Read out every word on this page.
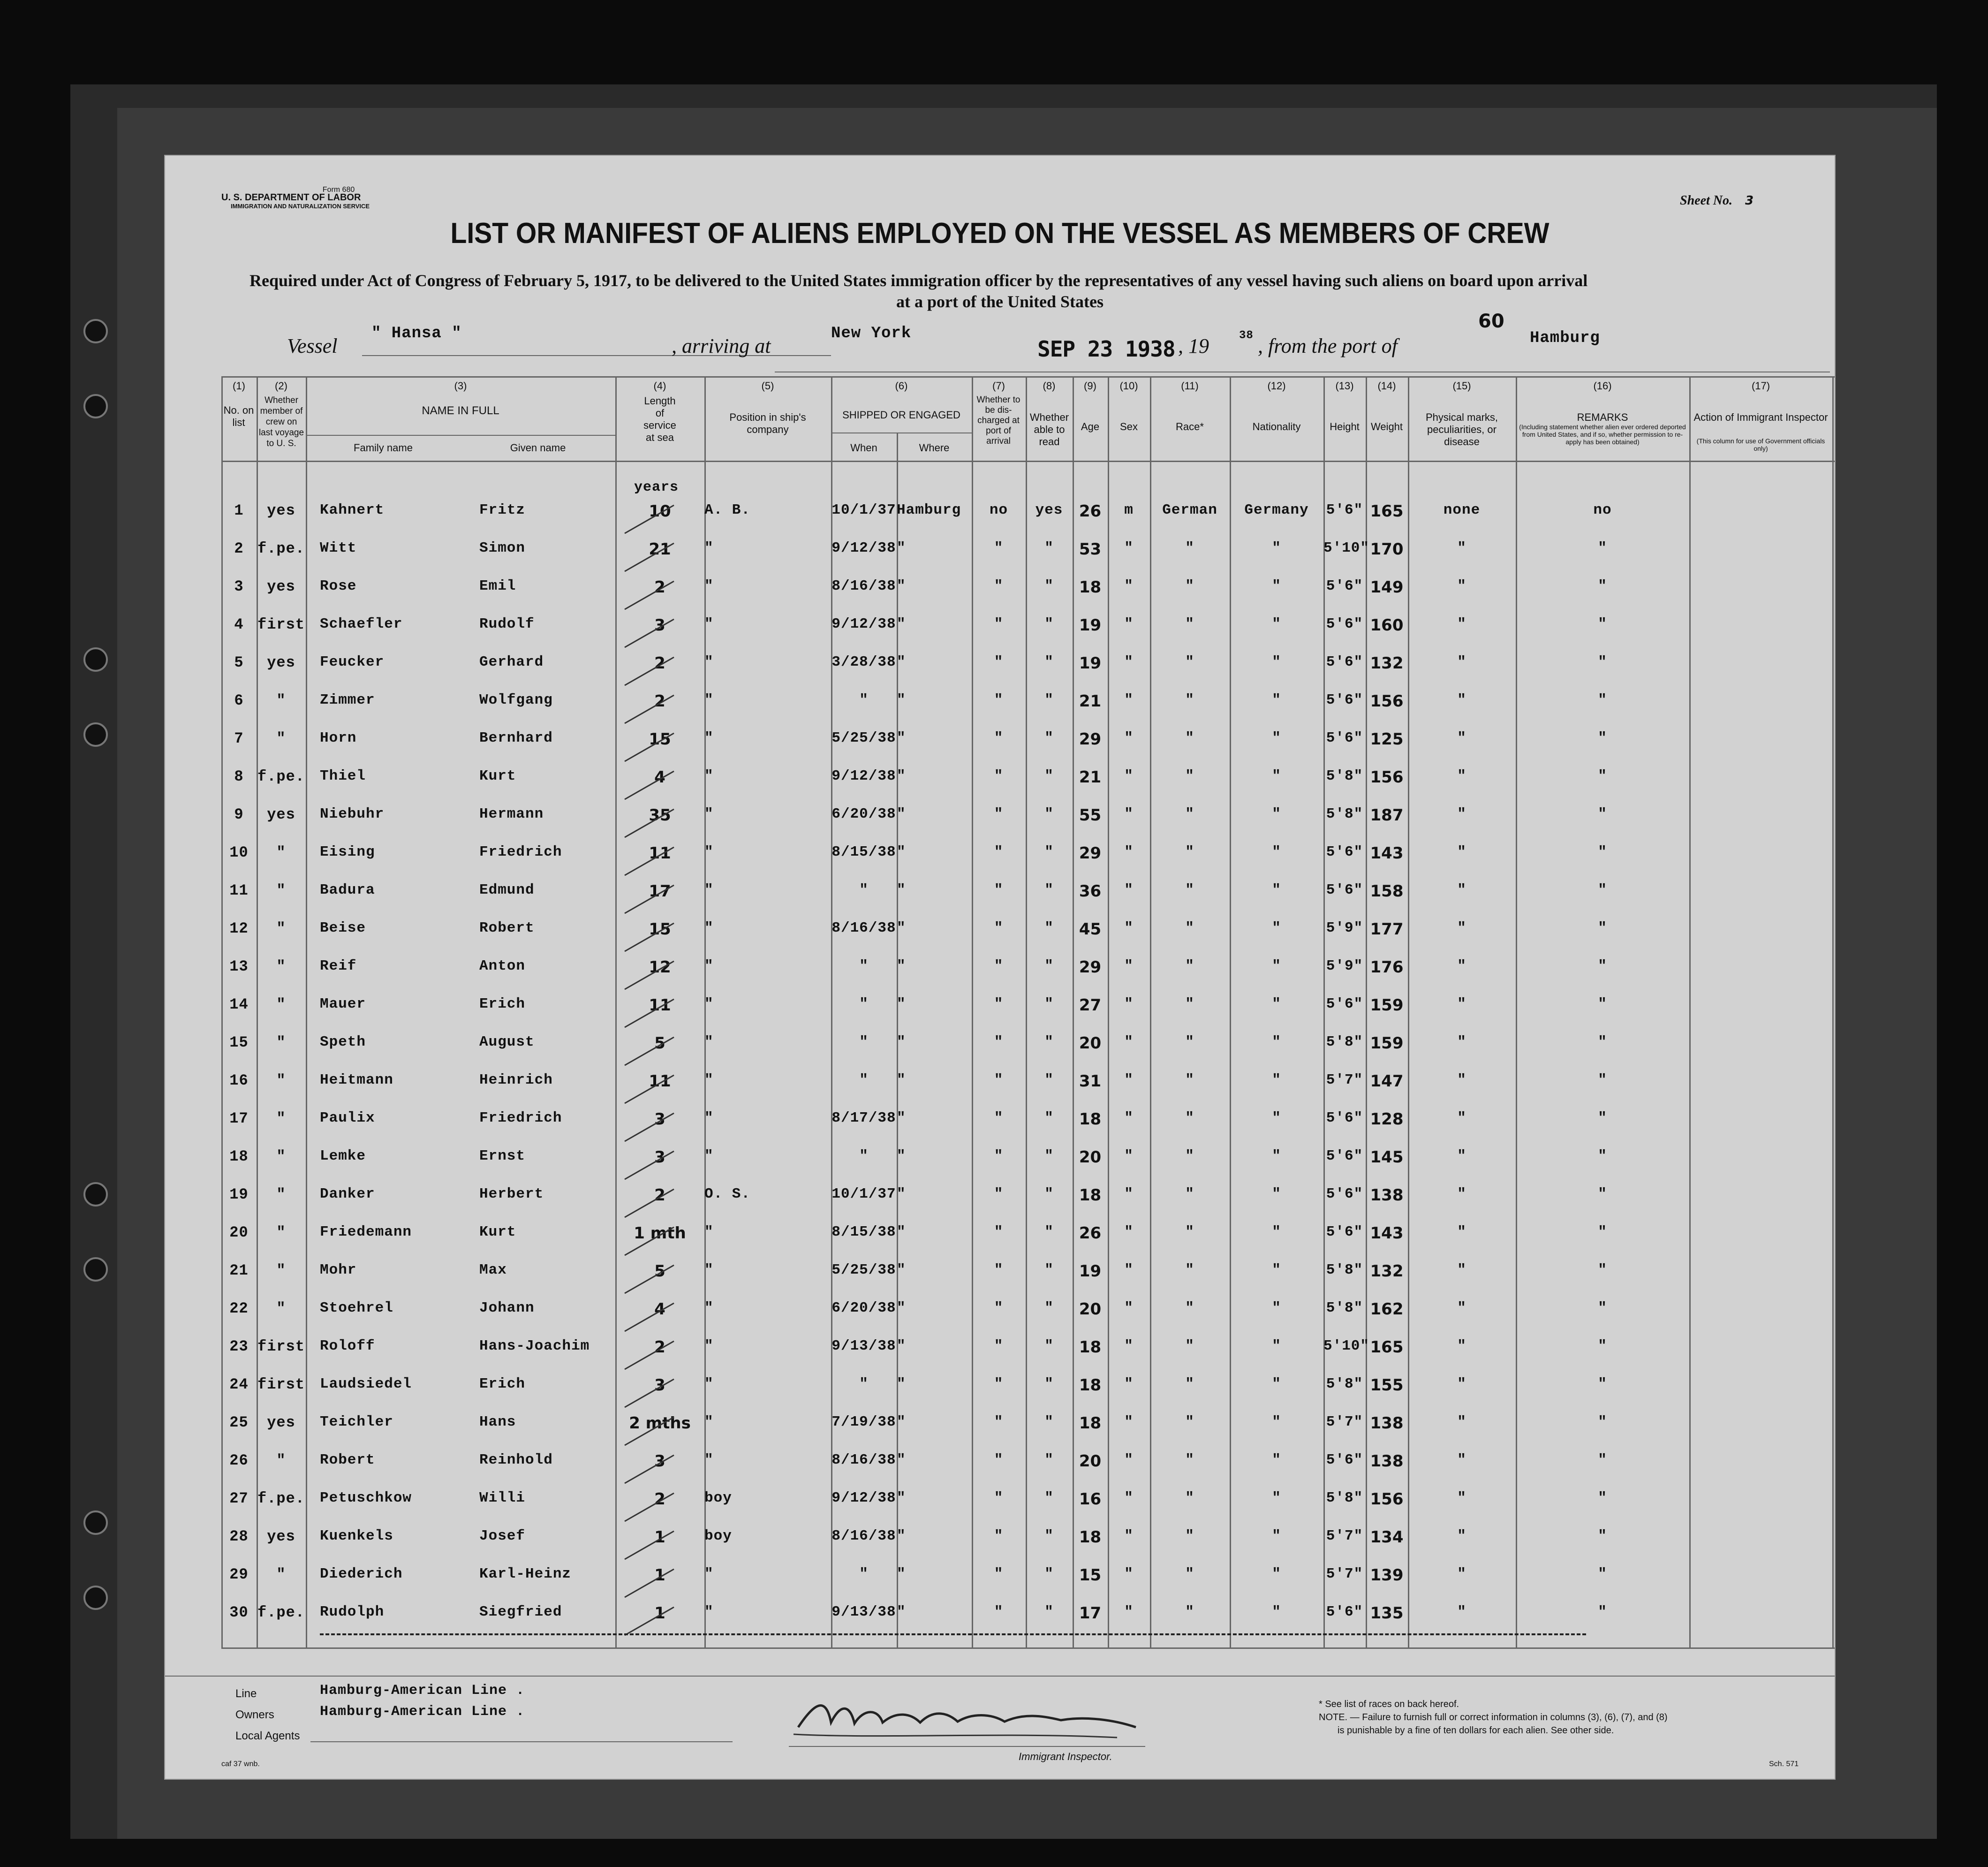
Form 680
U. S. DEPARTMENT OF LABOR
IMMIGRATION AND NATURALIZATION SERVICE	Sheet No. 3
LIST OR MANIFEST OF ALIENS EMPLOYED ON THE VESSEL AS MEMBERS OF CREW
Required under Act of Congress of February 5, 1917, to be delivered to the United States immigration officer by the representatives of any vessel having such aliens on board upon arrival
at a port of the United States
Vessel
" Hansa "
, arriving at
New York
SEP 23 1938 , 19	38 , from the port of
60
Hamburg
(1)	(2)	(3)	(4)	(5)	(6)	(7)	(8)	(9)	(10)	(11)	(12)	(13)	(14)	(15)	(16)	(17)
No. on list
Whether member of crew on last voyage to U. S.
NAME IN FULL
Family name	Given name
Length of service at sea
Position in ship's company
SHIPPED OR ENGAGED
When	Where
Whether to be dis-charged at port of arrival
Whether able to read
Age	Sex	Race*	Nationality	Height	Weight
Physical marks, peculiarities, or disease
REMARKS
(Including statement whether alien ever ordered deported from United States, and if so, whether permission to re-apply has been obtained)
Action of Immigrant Inspector
(This column for use of Government officials only)
years
1	yes	Kahnert	Fritz	10	A. B.	10/1/37 Hamburg	no	yes	26	m	German	Germany	5'6" 165	none	no
2 f.pe. Witt	Simon	21	"	9/12/38 "	"	"	53	"	"	"	5'10" 170	"	"
3	yes	Rose	Emil	2	"	8/16/38 "	"	"	18	"	"	"	5'6" 149	"	"
4 first Schaefler	Rudolf	3	"	9/12/38 "	"	"	19	"	"	"	5'6" 160	"	"
5	yes	Feucker	Gerhard	2	"	3/28/38 "	"	"	19	"	"	"	5'6" 132	"	"
6	"	Zimmer	Wolfgang	2	"	"	"	"	"	21	"	"	"	5'6" 156	"	"
7	"	Horn	Bernhard	15	"	5/25/38 "	"	"	29	"	"	"	5'6" 125	"	"
8 f.pe. Thiel	Kurt	4	"	9/12/38 "	"	"	21	"	"	"	5'8" 156	"	"
9	yes	Niebuhr	Hermann	35	"	6/20/38 "	"	"	55	"	"	"	5'8" 187	"	"
10	"	Eising	Friedrich	11	"	8/15/38 "	"	"	29	"	"	"	5'6" 143	"	"
11	"	Badura	Edmund	17	"	"	"	"	"	36	"	"	"	5'6" 158	"	"
12	"	Beise	Robert	15	"	8/16/38 "	"	"	45	"	"	"	5'9" 177	"	"
13	"	Reif	Anton	12	"	"	"	"	"	29	"	"	"	5'9" 176	"	"
14	"	Mauer	Erich	11	"	"	"	"	"	27	"	"	"	5'6" 159	"	"
15	"	Speth	August	5	"	"	"	"	"	20	"	"	"	5'8" 159	"	"
16	"	Heitmann	Heinrich	11	"	"	"	"	"	31	"	"	"	5'7" 147	"	"
17	"	Paulix	Friedrich	3	"	8/17/38 "	"	"	18	"	"	"	5'6" 128	"	"
18	"	Lemke	Ernst	3	"	"	"	"	"	20	"	"	"	5'6" 145	"	"
19	"	Danker	Herbert	2	O. S.	10/1/37 "	"	"	18	"	"	"	5'6" 138	"	"
20	"	Friedemann	Kurt	1 mth	"	8/15/38 "	"	"	26	"	"	"	5'6" 143	"	"
21	"	Mohr	Max	5	"	5/25/38 "	"	"	19	"	"	"	5'8" 132	"	"
22	"	Stoehrel	Johann	4	"	6/20/38 "	"	"	20	"	"	"	5'8" 162	"	"
23 first Roloff	Hans-Joachim	2	"	9/13/38 "	"	"	18	"	"	"	5'10" 165	"	"
24 first Laudsiedel	Erich	3	"	"	"	"	"	18	"	"	"	5'8" 155	"	"
25	yes	Teichler	Hans	2 mths "	7/19/38 "	"	"	18	"	"	"	5'7" 138	"	"
26	"	Robert	Reinhold	3	"	8/16/38 "	"	"	20	"	"	"	5'6" 138	"	"
27 f.pe. Petuschkow	Willi	2	boy	9/12/38 "	"	"	16	"	"	"	5'8" 156	"	"
28	yes	Kuenkels	Josef	1	boy	8/16/38 "	"	"	18	"	"	"	5'7" 134	"	"
29	"	Diederich	Karl-Heinz	1	"	"	"	"	"	15	"	"	"	5'7" 139	"	"
30 f.pe. Rudolph	Siegfried	1	"	9/13/38 "	"	"	17	"	"	"	5'6" 135	"	"
Line	Hamburg-American Line .
Owners	Hamburg-American Line .
Local Agents
Immigrant Inspector.
* See list of races on back hereof.
NOTE. — Failure to furnish full or correct information in columns (3), (6), (7), and (8)
is punishable by a fine of ten dollars for each alien. See other side.
caf 37 wnb.	Sch. 571
